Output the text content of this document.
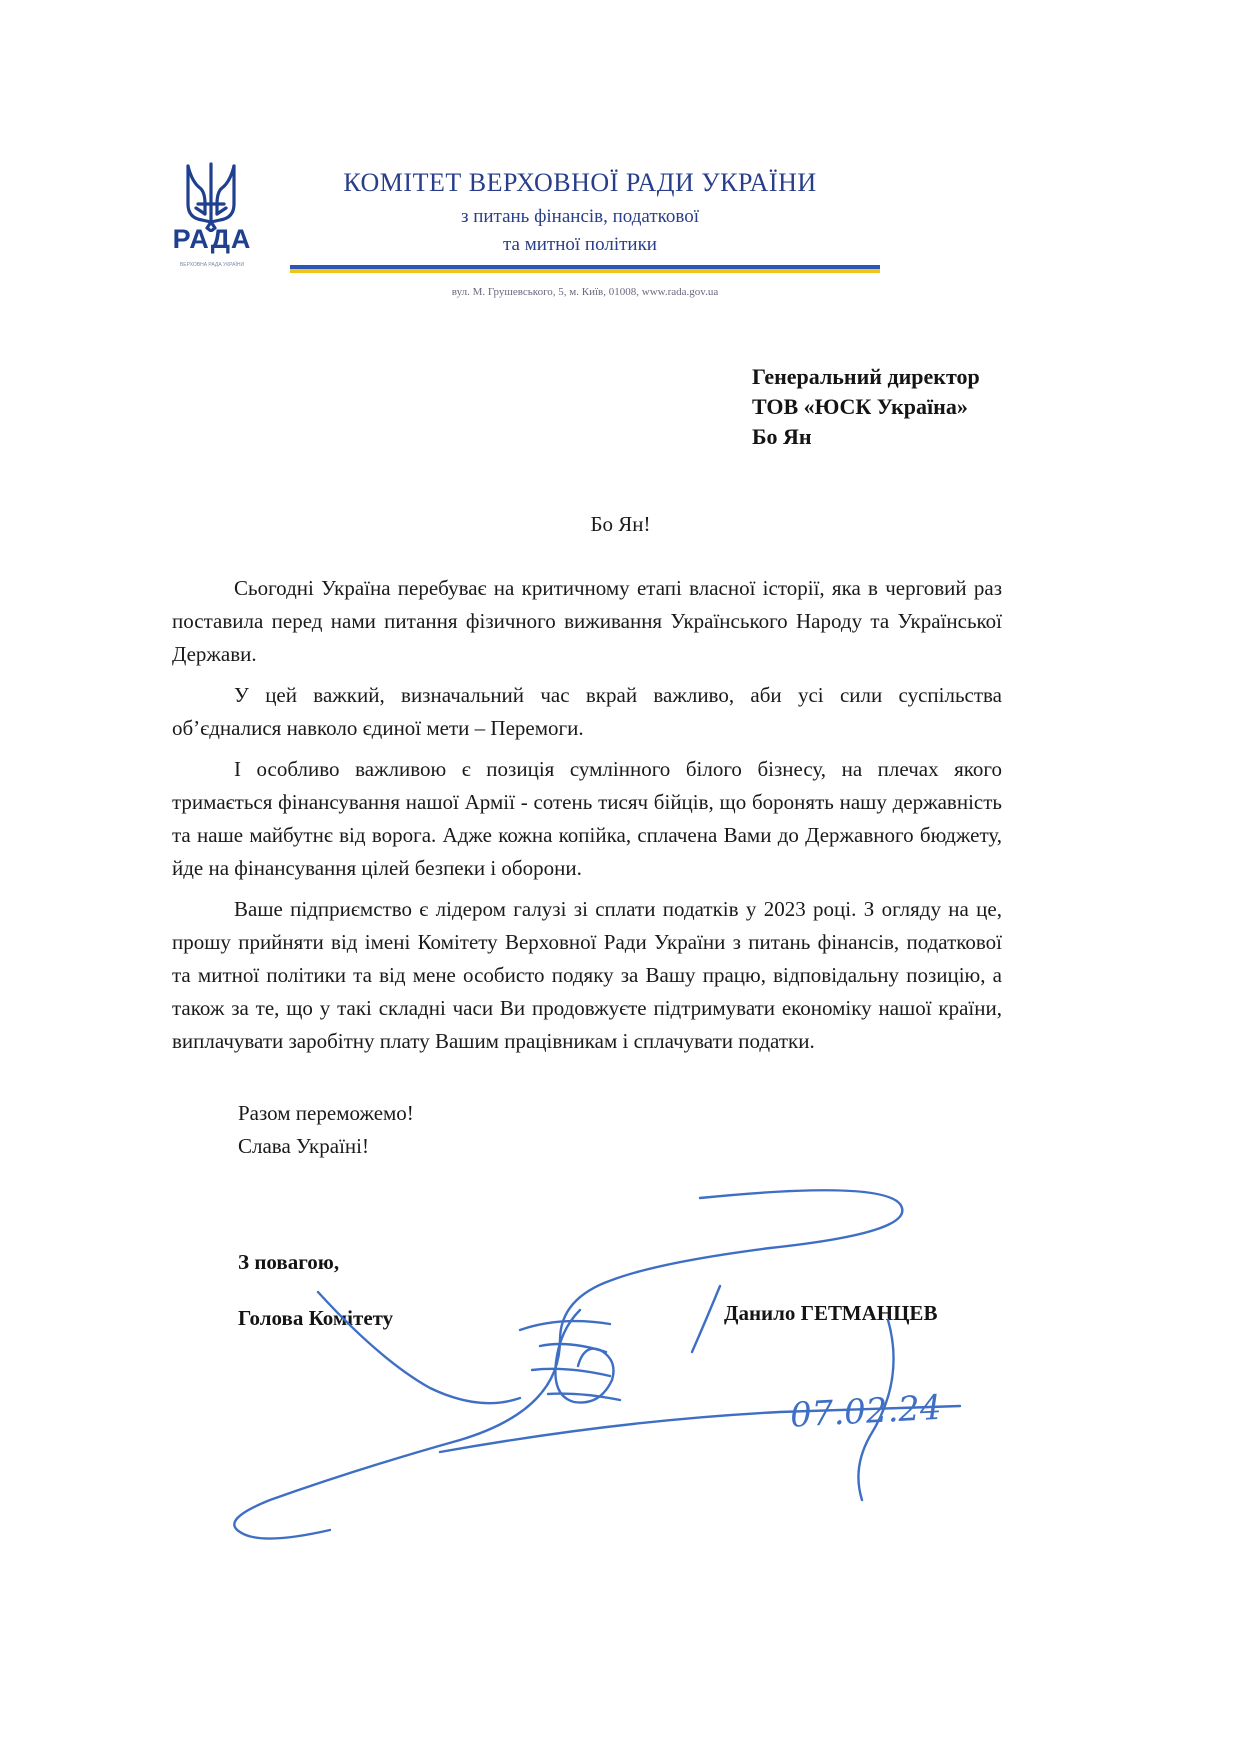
РАДА
ВЕРХОВНА РАДА УКРАЇНИ
КОМІТЕТ ВЕРХОВНОЇ РАДИ УКРАЇНИ
з питань фінансів, податкової
та митної політики
вул. М. Грушевського, 5, м. Київ, 01008, www.rada.gov.ua
Генеральний директор
ТОВ «ЮСК Україна»
Бо Ян
Бо Ян!

Сьогодні Україна перебуває на критичному етапі власної історії, яка в черговий раз поставила перед нами питання фізичного виживання Українського Народу та Української Держави.

У цей важкий, визначальний час вкрай важливо, аби усі сили суспільства об’єдналися навколо єдиної мети – Перемоги.

І особливо важливою є позиція сумлінного білого бізнесу, на плечах якого тримається фінансування нашої Армії - сотень тисяч бійців, що боронять нашу державність та наше майбутнє від ворога. Адже кожна копійка, сплачена Вами до Державного бюджету, йде на фінансування цілей безпеки і оборони.

Ваше підприємство є лідером галузі зі сплати податків у 2023 році. З огляду на це, прошу прийняти від імені Комітету Верховної Ради України з питань фінансів, податкової та митної політики та від мене особисто подяку за Вашу працю, відповідальну позицію, а також за те, що у такі складні часи Ви продовжуєте підтримувати економіку нашої країни, виплачувати заробітну плату Вашим працівникам і сплачувати податки.

Разом переможемо!
Слава Україні!
З повагою,
Голова Комітету	Данило ГЕТМАНЦЕВ
07.02.24
